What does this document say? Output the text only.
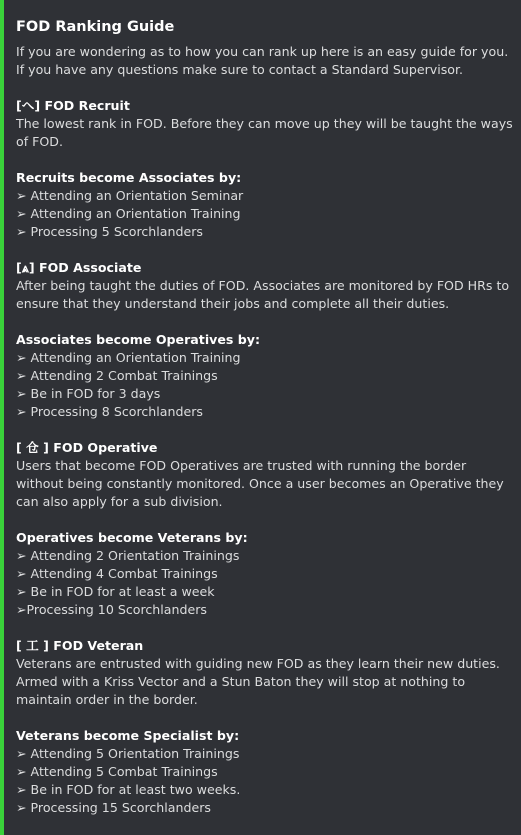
FOD Ranking Guide
If you are wondering as to how you can rank up here is an easy guide for you. If you have any questions make sure to contact a Standard Supervisor.
[へ] FOD Recruit
The lowest rank in FOD. Before they can move up they will be taught the ways of FOD.
Recruits become Associates by:
➢ Attending an Orientation Seminar
➢ Attending an Orientation Training
➢ Processing 5 Scorchlanders
[⩓] FOD Associate
After being taught the duties of FOD. Associates are monitored by FOD HRs to ensure that they understand their jobs and complete all their duties.
Associates become Operatives by:
➢ Attending an Orientation Training
➢ Attending 2 Combat Trainings
➢ Be in FOD for 3 days
➢ Processing 8 Scorchlanders
[ 仓 ] FOD Operative
Users that become FOD Operatives are trusted with running the border without being constantly monitored. Once a user becomes an Operative they can also apply for a sub division.
Operatives become Veterans by:
➢ Attending 2 Orientation Trainings
➢ Attending 4 Combat Trainings
➢ Be in FOD for at least a week
➢Processing 10 Scorchlanders
[ 工 ] FOD Veteran
Veterans are entrusted with guiding new FOD as they learn their new duties. Armed with a Kriss Vector and a Stun Baton they will stop at nothing to maintain order in the border.
Veterans become Specialist by:
➢ Attending 5 Orientation Trainings
➢ Attending 5 Combat Trainings
➢ Be in FOD for at least two weeks.
➢ Processing 15 Scorchlanders
